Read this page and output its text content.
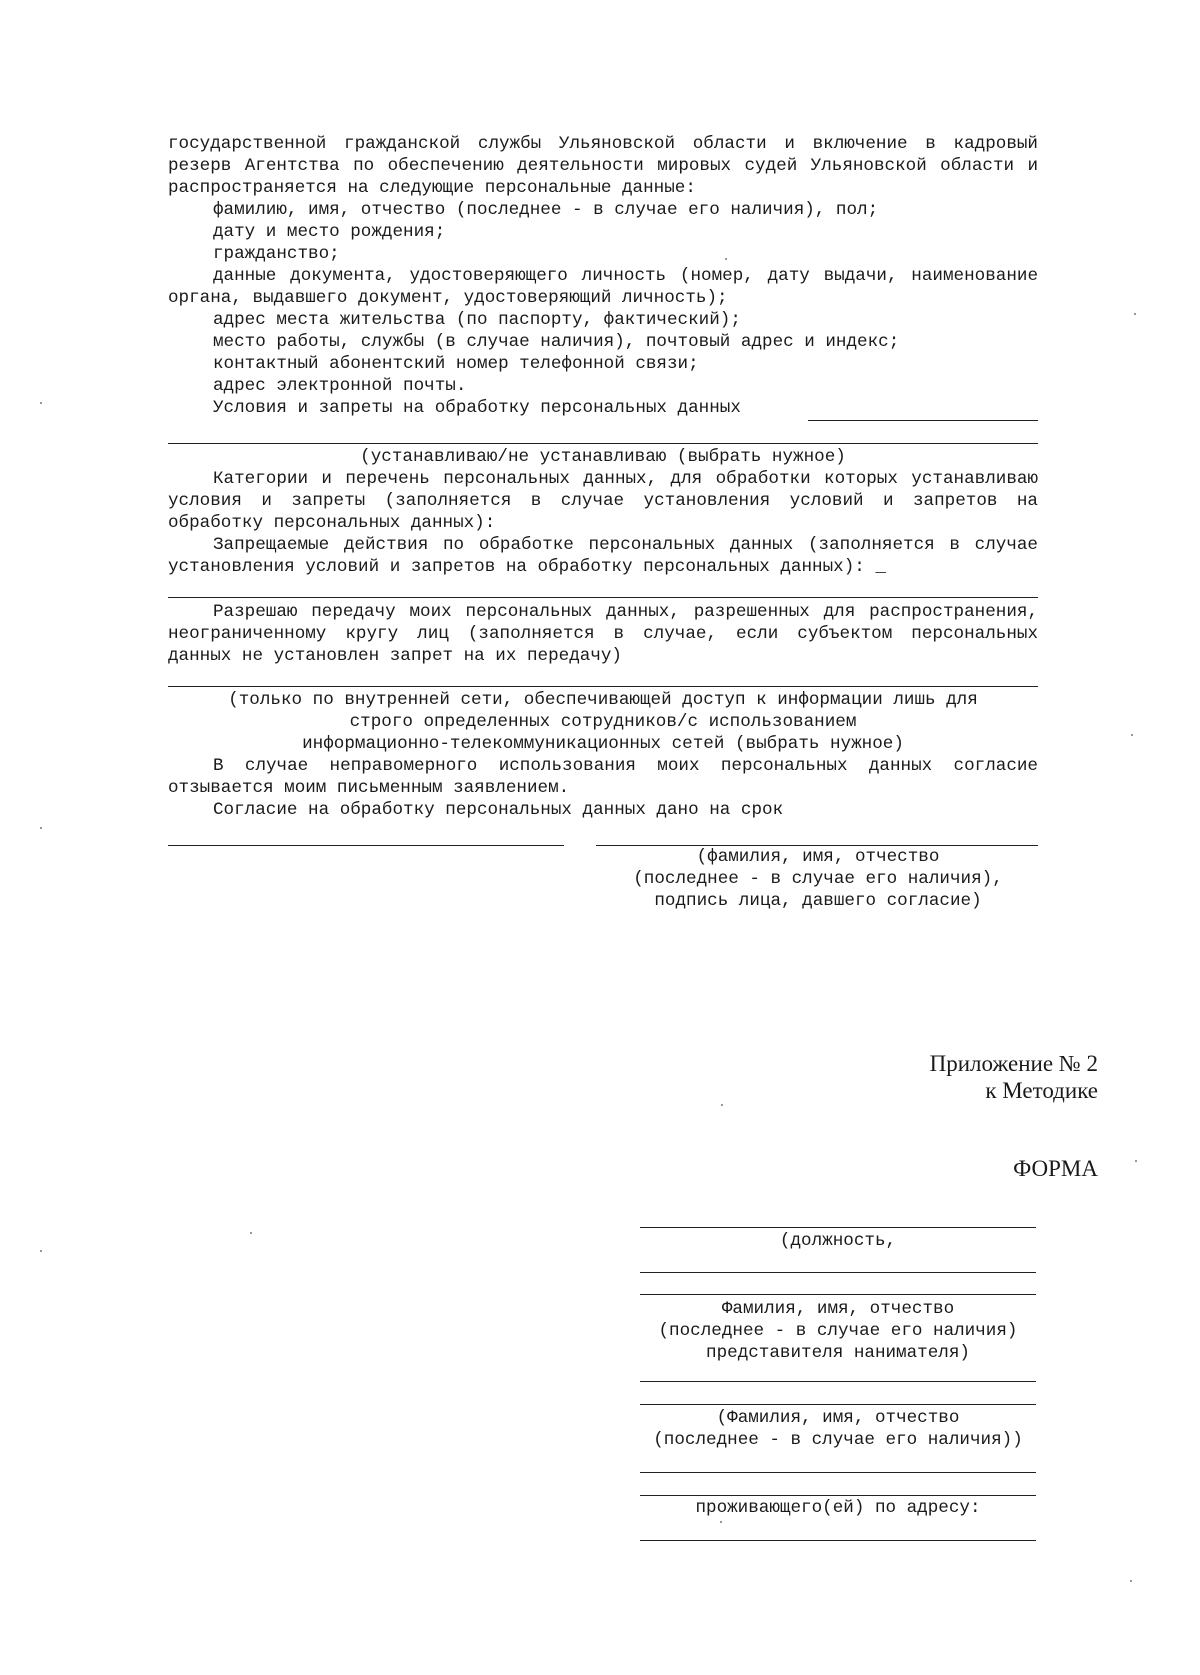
государственной гражданской службы Ульяновской области и включение в кадровый резерв Агентства по обеспечению деятельности мировых судей Ульяновской области и распространяется на следующие персональные данные:

фамилию, имя, отчество (последнее - в случае его наличия), пол;

дату и место рождения;

гражданство;

данные документа, удостоверяющего личность (номер, дату выдачи, наименование органа, выдавшего документ, удостоверяющий личность);

адрес места жительства (по паспорту, фактический);

место работы, службы (в случае наличия), почтовый адрес и индекс;

контактный абонентский номер телефонной связи;

адрес электронной почты.

Условия и запреты на обработку персональных данных

(устанавливаю/не устанавливаю (выбрать нужное)

Категории и перечень персональных данных, для обработки которых устанавливаю условия и запреты (заполняется в случае установления условий и запретов на обработку персональных данных):

Запрещаемые действия по обработке персональных данных (заполняется в случае установления условий и запретов на обработку персональных данных): _

Разрешаю передачу моих персональных данных, разрешенных для распространения, неограниченному кругу лиц (заполняется в случае, если субъектом персональных данных не установлен запрет на их передачу)

(только по внутренней сети, обеспечивающей доступ к информации лишь для

строго определенных сотрудников/с использованием

информационно-телекоммуникационных сетей (выбрать нужное)

В случае неправомерного использования моих персональных данных согласие отзывается моим письменным заявлением.

Согласие на обработку персональных данных дано на срок

(фамилия, имя, отчество

(последнее - в случае его наличия),

подпись лица, давшего согласие)

Приложение № 2
к Методике
ФОРМА

(должность,

Фамилия, имя, отчество

(последнее - в случае его наличия)

представителя нанимателя)

(Фамилия, имя, отчество

(последнее - в случае его наличия))

проживающего(ей) по адресу:
